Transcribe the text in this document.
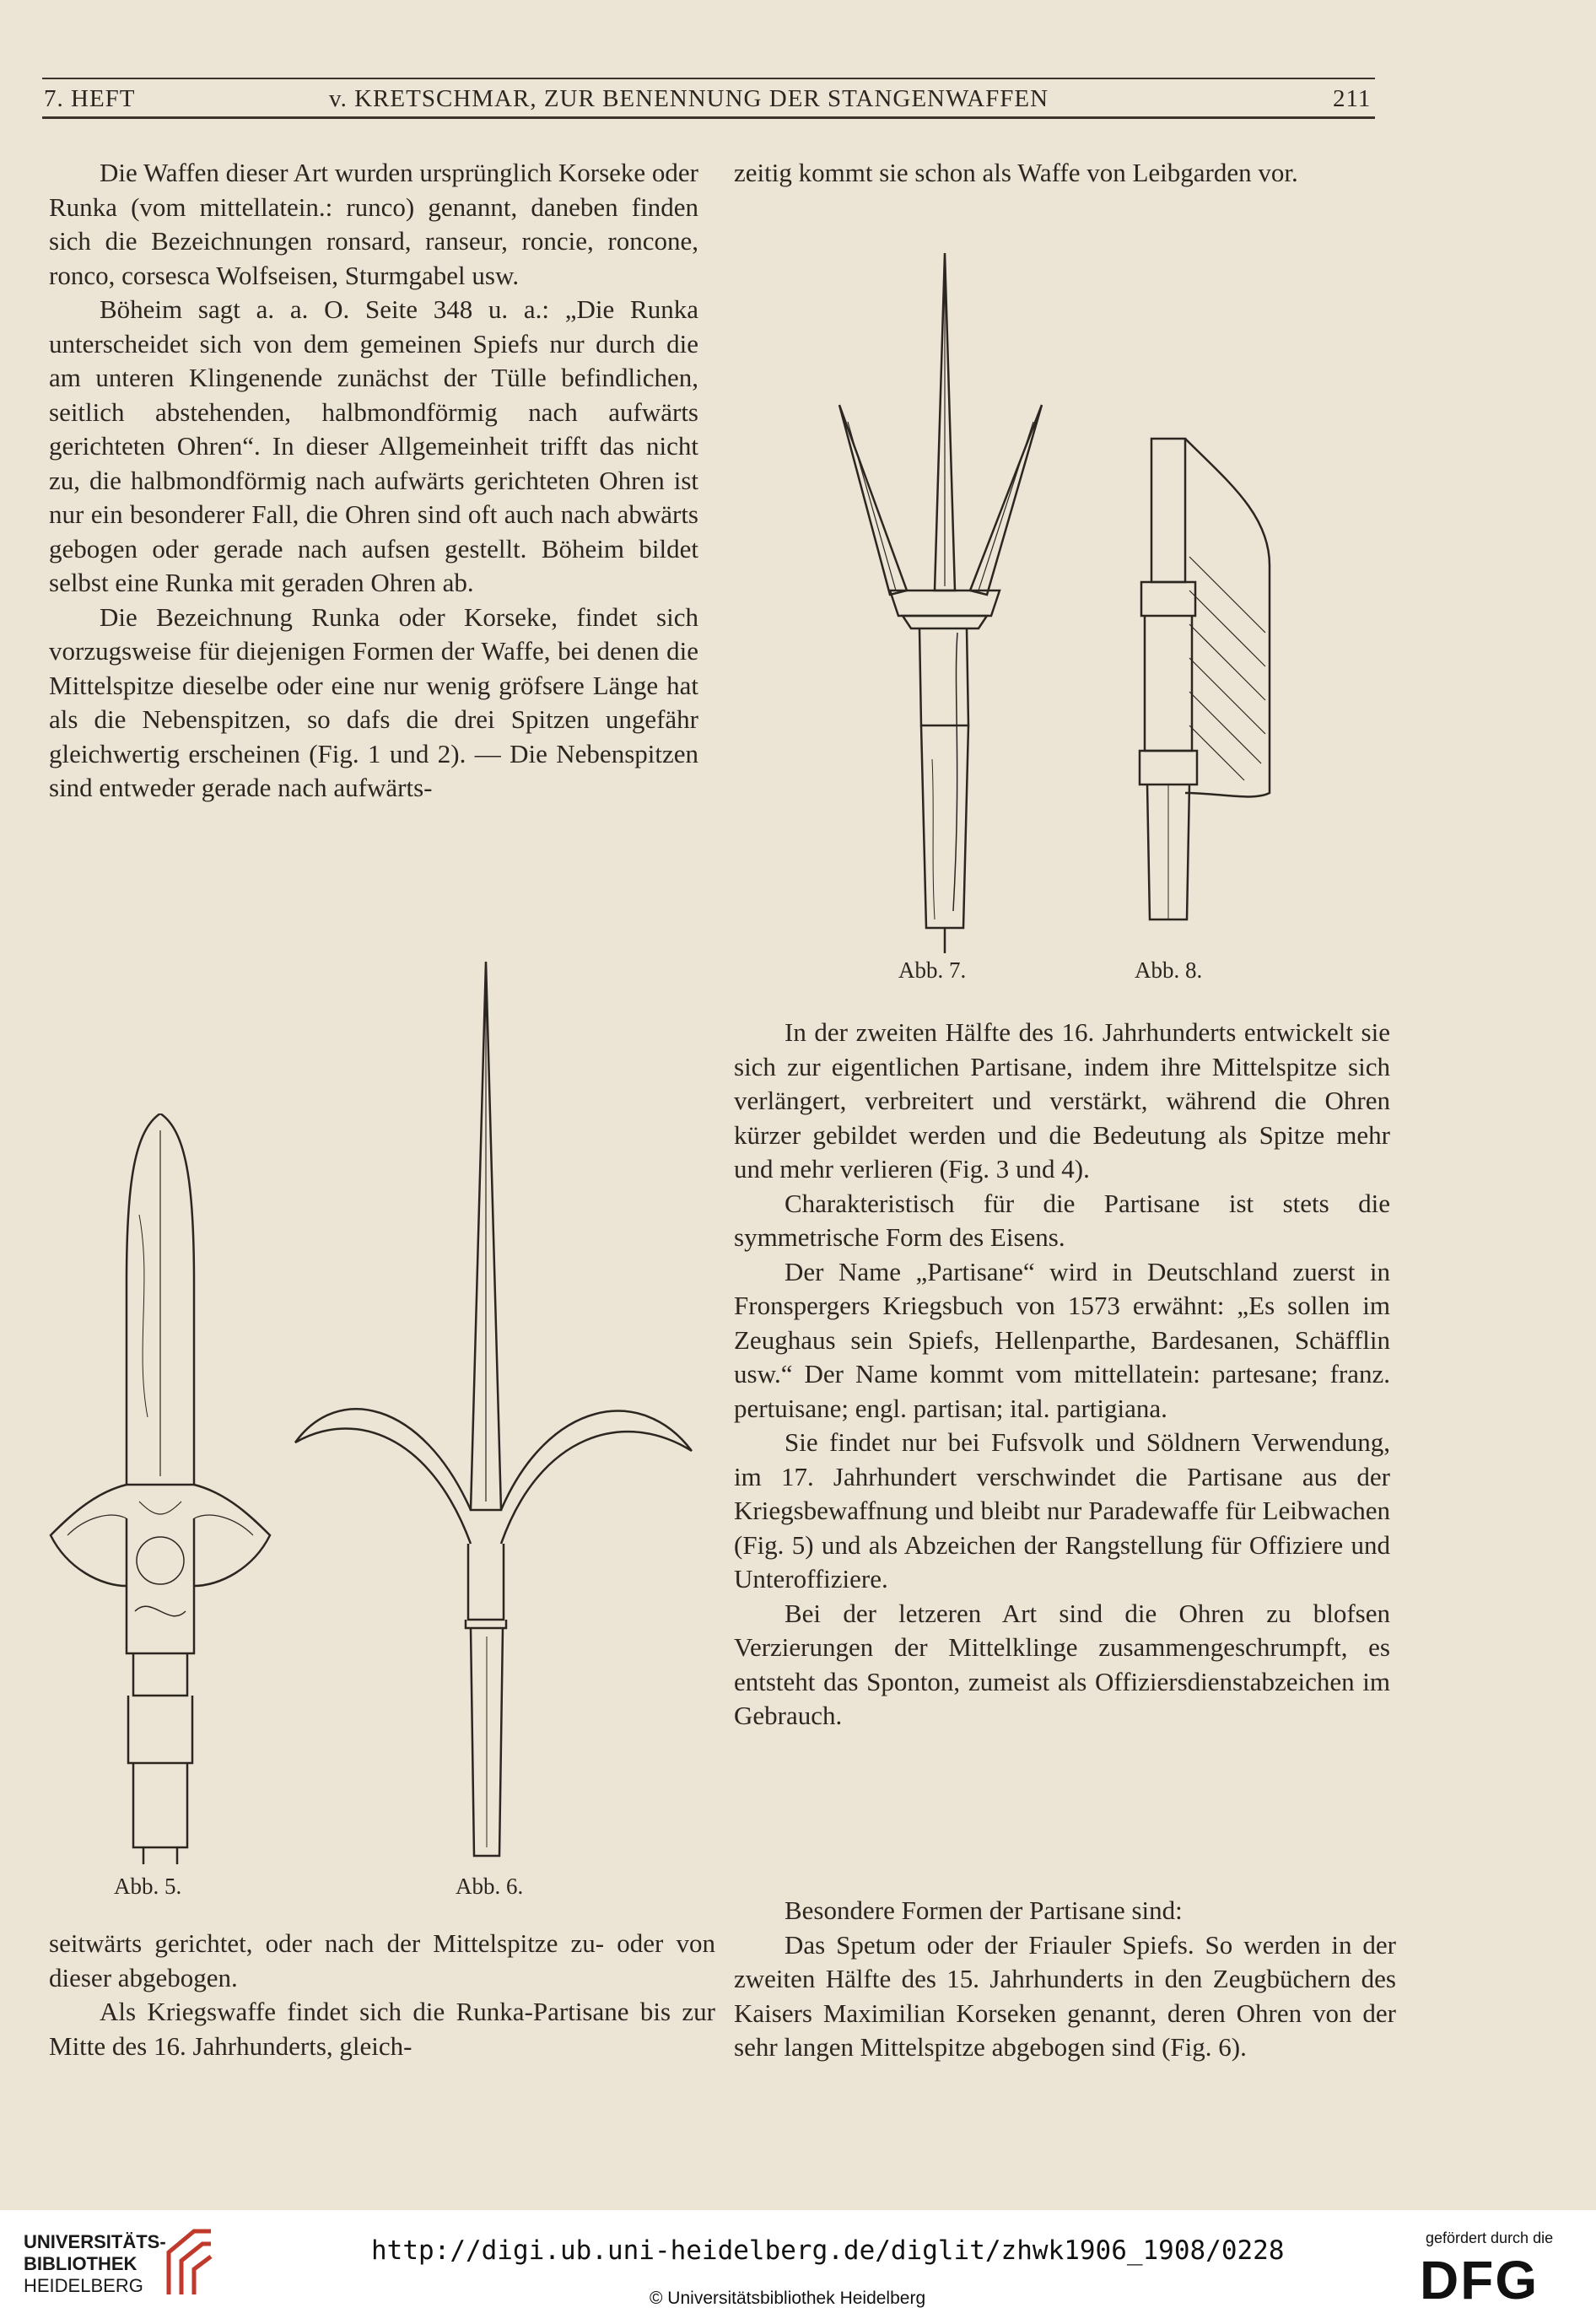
7. HEFT	v. KRETSCHMAR, ZUR BENENNUNG DER STANGENWAFFEN	211

Die Waffen dieser Art wurden ursprünglich Korseke oder Runka (vom mittellatein.: runco) genannt, daneben finden sich die Bezeichnungen ronsard, ranseur, roncie, roncone, ronco, corsesca Wolfseisen, Sturmgabel usw.

Böheim sagt a. a. O. Seite 348 u. a.: „Die Runka unterscheidet sich von dem gemeinen Spiefs nur durch die am unteren Klingenende zunächst der Tülle befindlichen, seitlich abstehenden, halbmondförmig nach aufwärts gerichteten Ohren“. In dieser Allgemeinheit trifft das nicht zu, die halbmondförmig nach aufwärts gerichteten Ohren ist nur ein besonderer Fall, die Ohren sind oft auch nach abwärts gebogen oder gerade nach aufsen gestellt. Böheim bildet selbst eine Runka mit geraden Ohren ab.

Die Bezeichnung Runka oder Korseke, findet sich vorzugsweise für diejenigen Formen der Waffe, bei denen die Mittelspitze dieselbe oder eine nur wenig gröfsere Länge hat als die Nebenspitzen, so dafs die drei Spitzen ungefähr gleichwertig erscheinen (Fig. 1 und 2). — Die Nebenspitzen sind entweder gerade nach aufwärts-

zeitig kommt sie schon als Waffe von Leibgarden vor.

Abb. 7.	Abb. 8.

In der zweiten Hälfte des 16. Jahrhunderts entwickelt sie sich zur eigentlichen Partisane, indem ihre Mittelspitze sich verlängert, verbreitert und verstärkt, während die Ohren kürzer gebildet werden und die Bedeutung als Spitze mehr und mehr verlieren (Fig. 3 und 4).

Charakteristisch für die Partisane ist stets die symmetrische Form des Eisens.

Der Name „Partisane“ wird in Deutschland zuerst in Fronspergers Kriegsbuch von 1573 erwähnt: „Es sollen im Zeughaus sein Spiefs, Hellenparthe, Bardesanen, Schäfflin usw.“ Der Name kommt vom mittellatein: partesane; franz. pertuisane; engl. partisan; ital. partigiana.

Sie findet nur bei Fufsvolk und Söldnern Verwendung, im 17. Jahrhundert verschwindet die Partisane aus der Kriegsbewaffnung und bleibt nur Paradewaffe für Leibwachen (Fig. 5) und als Abzeichen der Rangstellung für Offiziere und Unteroffiziere.

Bei der letzeren Art sind die Ohren zu blofsen Verzierungen der Mittelklinge zusammengeschrumpft, es entsteht das Sponton, zumeist als Offiziersdienstabzeichen im Gebrauch.

Abb. 5.	Abb. 6.

seitwärts gerichtet, oder nach der Mittelspitze zu- oder von dieser abgebogen.

Als Kriegswaffe findet sich die Runka-Partisane bis zur Mitte des 16. Jahrhunderts, gleich-

Besondere Formen der Partisane sind:

Das Spetum oder der Friauler Spiefs. So werden in der zweiten Hälfte des 15. Jahrhunderts in den Zeugbüchern des Kaisers Maximilian Korseken genannt, deren Ohren von der sehr langen Mittelspitze abgebogen sind (Fig. 6).

UNIVERSITÄTS-
BIBLIOTHEK
HEIDELBERG
http://digi.ub.uni-heidelberg.de/diglit/zhwk1906_1908/0228
© Universitätsbibliothek Heidelberg
gefördert durch die
DFG
